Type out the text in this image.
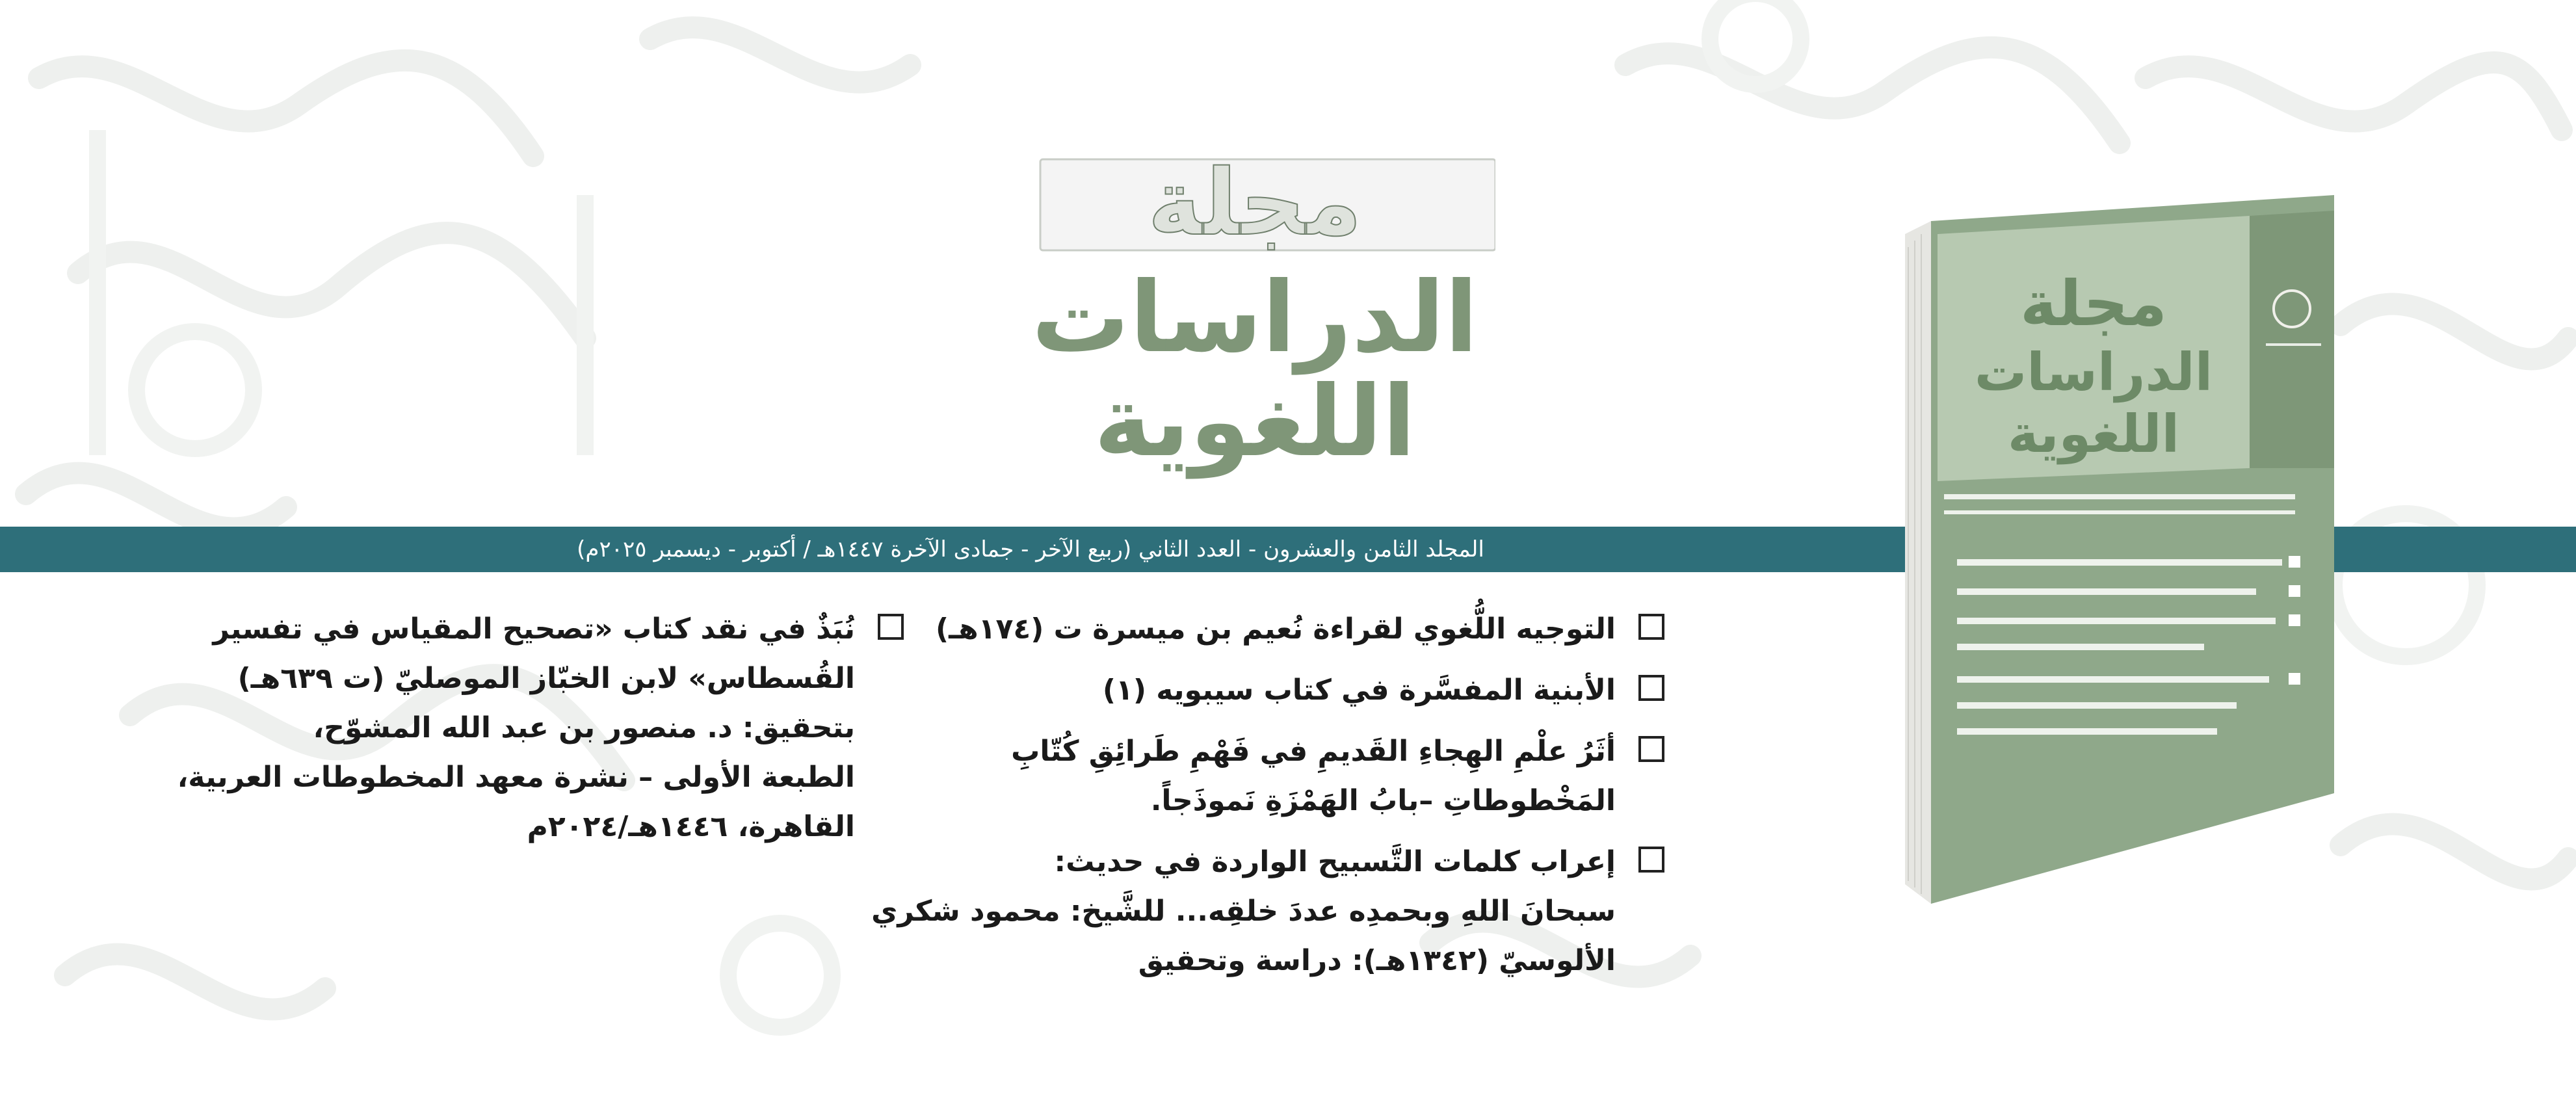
مجلة
الدراسات
اللغوية
المجلد الثامن والعشرون - العدد الثاني (ربيع الآخر - جمادى الآخرة ١٤٤٧هـ / أكتوبر - ديسمبر ٢٠٢٥م)
مجلة
الدراسات
اللغوية
التوجيه اللُّغوي لقراءة نُعيم بن ميسرة ت (١٧٤هـ)
الأبنية المفسَّرة في كتاب سيبويه (١)
أثَرُ علْمِ الهِجاءِ القَديمِ في فَهْمِ طَرائِقِ كُتّابِ
المَخْطوطاتِ –بابُ الهَمْزَةِ نَموذَجاً.
إعراب كلمات التَّسبيح الواردة في حديث:
سبحانَ اللهِ وبحمدِه عددَ خلقِه... للشَّيخ: محمود شكري
الألوسيّ (١٣٤٢هـ): دراسة وتحقيق
نُبَذٌ في نقد كتاب «تصحيح المقياس في تفسير
القُسطاس» لابن الخبّاز الموصليّ (ت ٦٣٩هـ)
بتحقيق: د. منصور بن عبد الله المشوّح،
الطبعة الأولى – نشرة معهد المخطوطات العربية،
القاهرة، ١٤٤٦هـ/٢٠٢٤م
